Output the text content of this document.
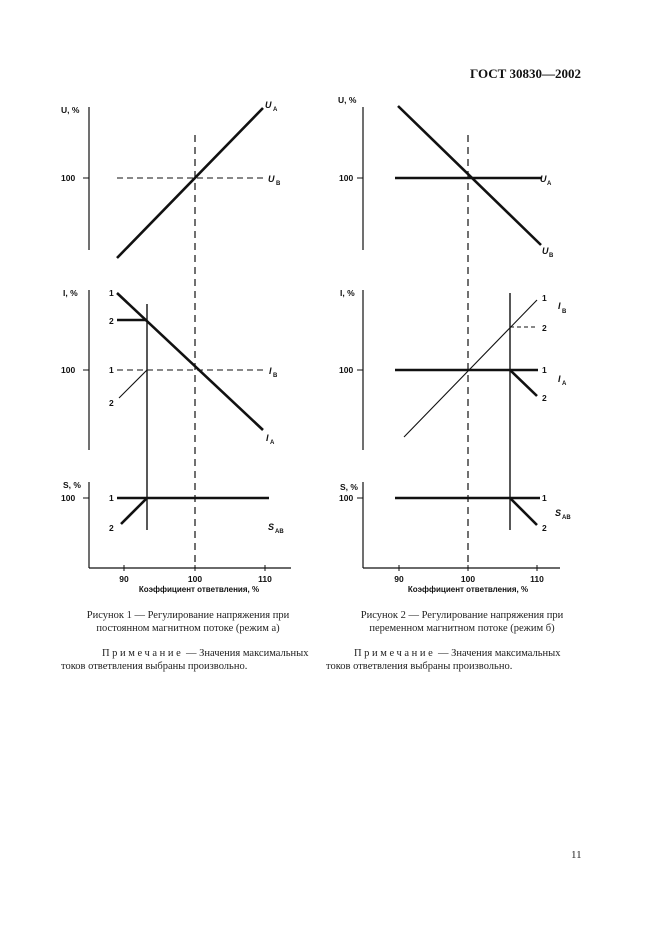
ГОСТ 30830—2002
U, %
100
U A
U B
I, %
100
1
2
1
2
I B
I A
S, %
100	1
2	S AB
90	100	110
Коэффициент ответвления, %
U, %
100	U A
U B
I, %
100
1
2
1
2
I
B
I A
S, %
100	1
2
S AB
90	100	110
Коэффициент ответвления, %
Рисунок 1 — Регулирование напряжения при
постоянном магнитном потоке (режим а)
Рисунок 2 — Регулирование напряжения при
переменном магнитном потоке (режим б)
Примечание — Значения максимальных
токов ответвления выбраны произвольно.
Примечание — Значения максимальных
токов ответвления выбраны произвольно.
11
